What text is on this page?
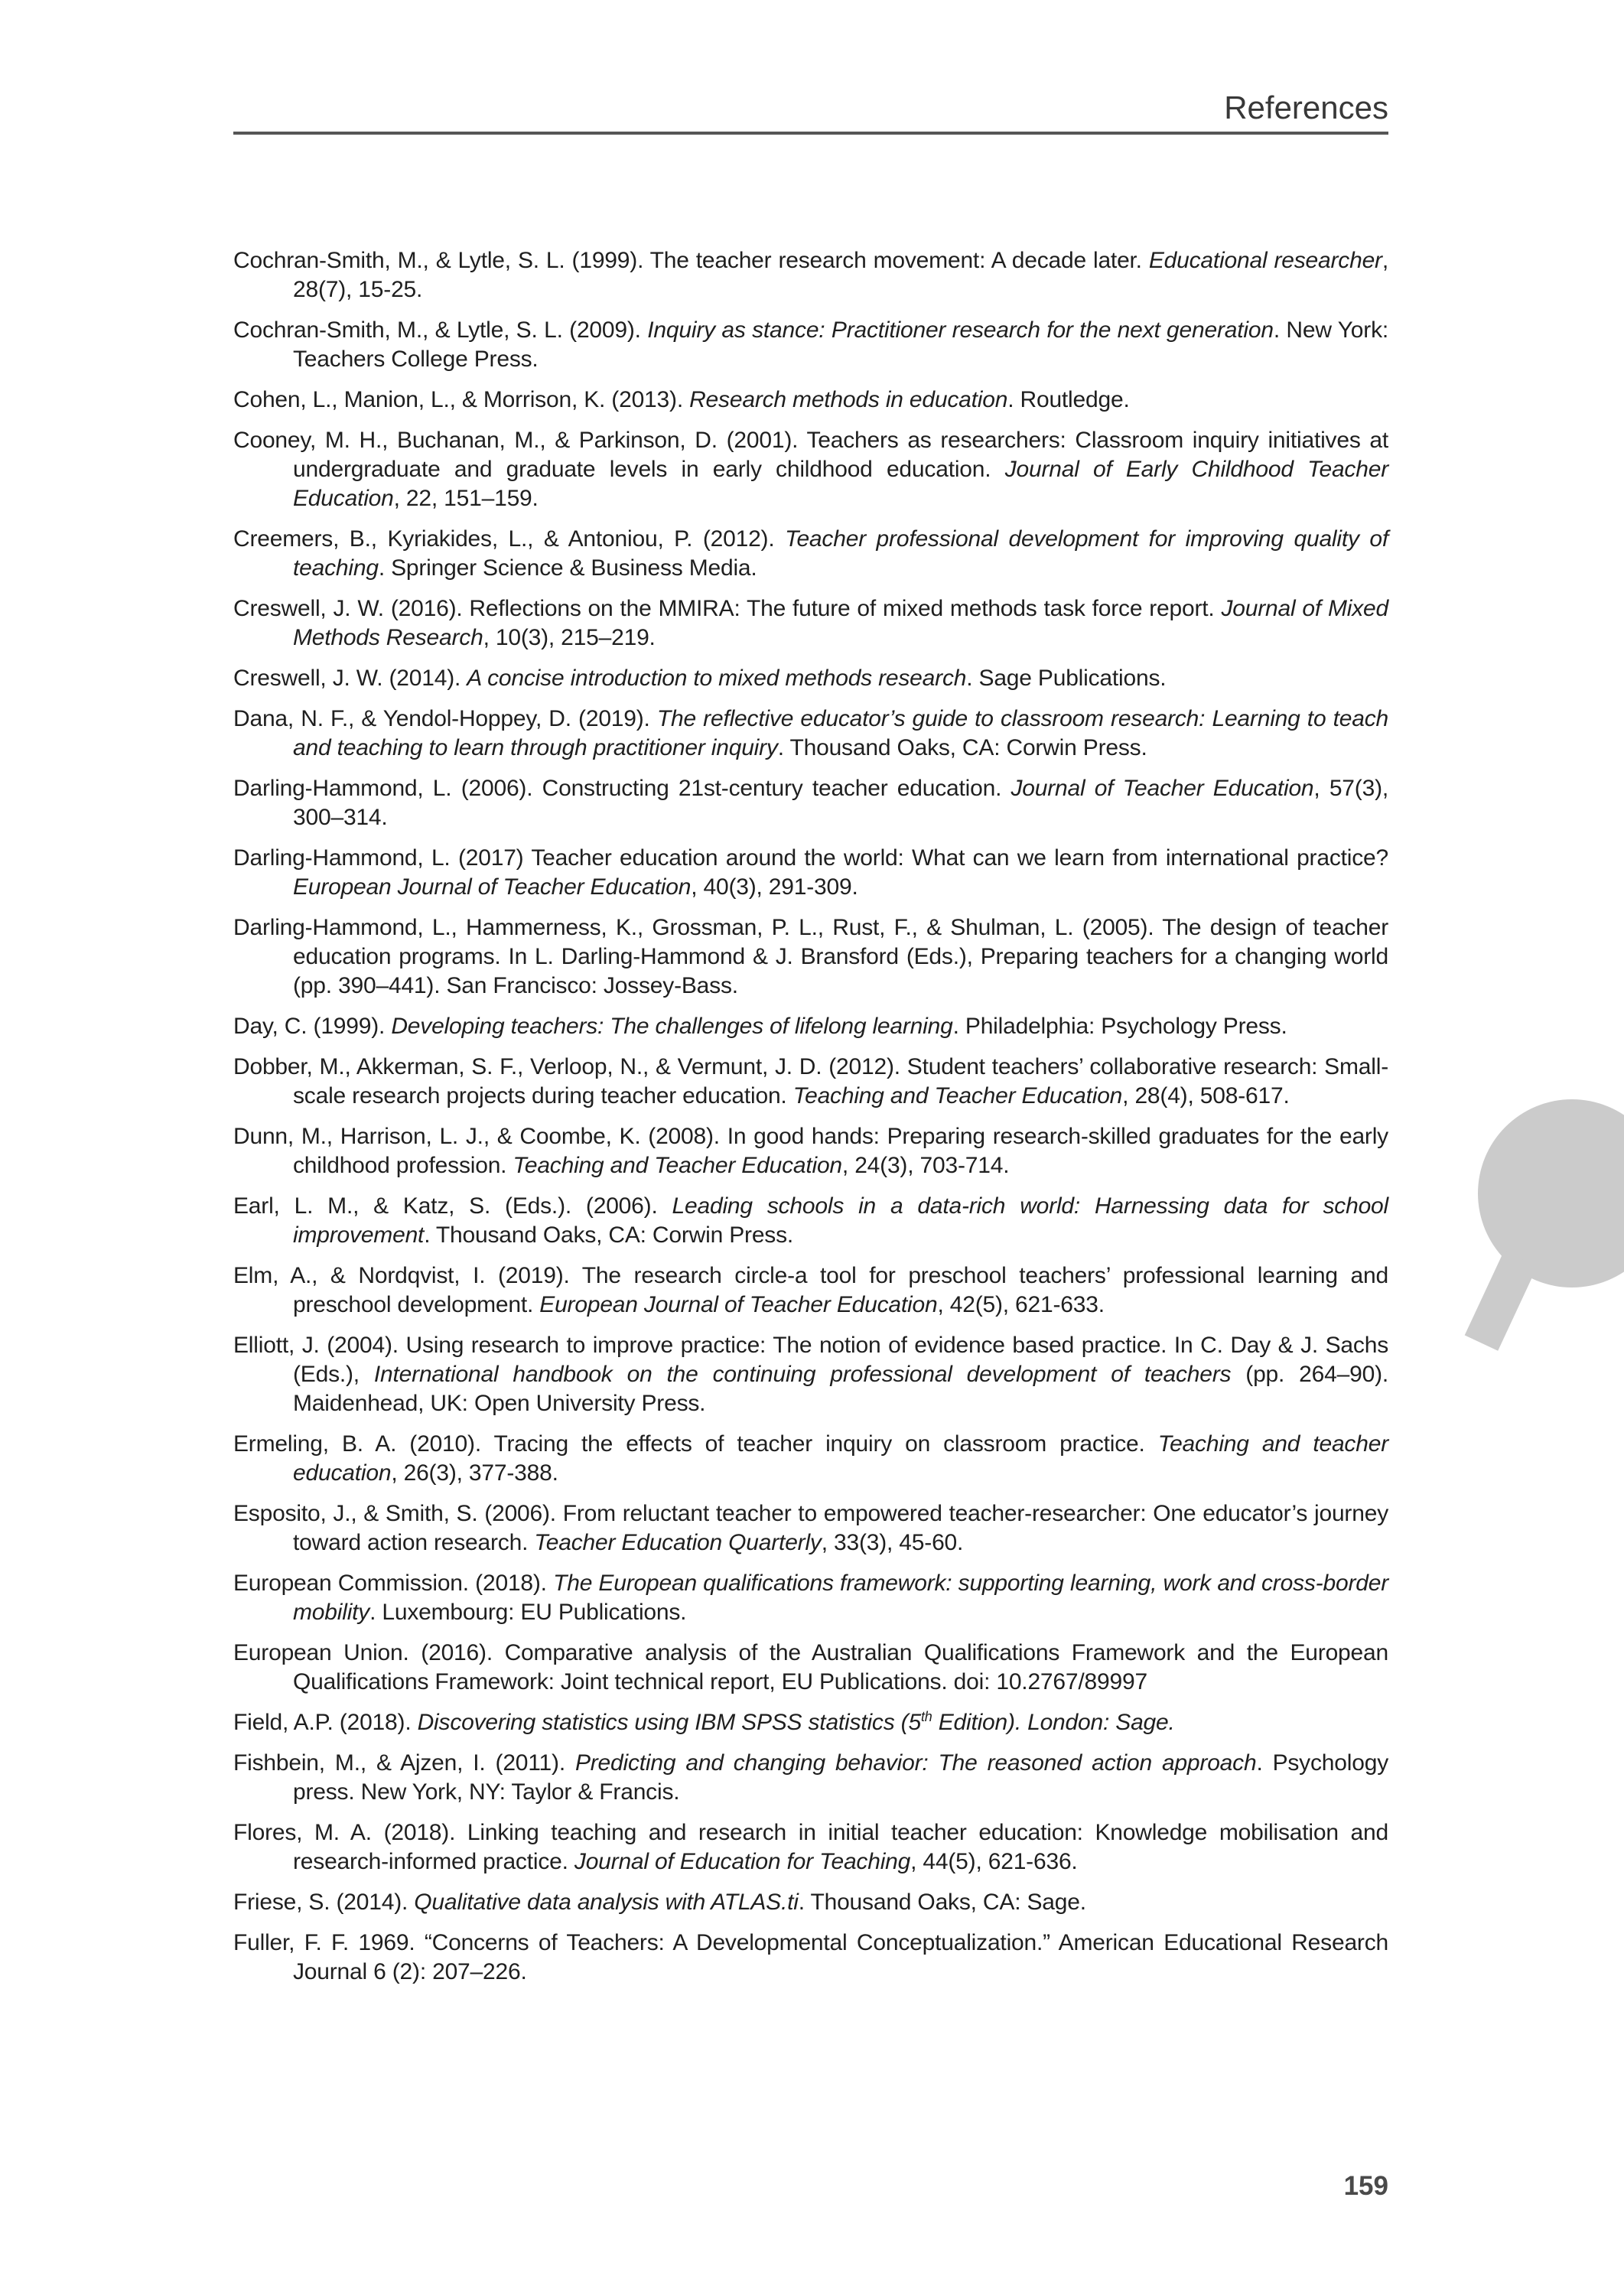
References

Cochran-Smith, M., & Lytle, S. L. (1999). The teacher research movement: A decade later. Educational researcher, 28(7), 15-25.

Cochran-Smith, M., & Lytle, S. L. (2009). Inquiry as stance: Practitioner research for the next generation. New York: Teachers College Press.

Cohen, L., Manion, L., & Morrison, K. (2013). Research methods in education. Routledge.

Cooney, M. H., Buchanan, M., & Parkinson, D. (2001). Teachers as researchers: Classroom inquiry initiatives at undergraduate and graduate levels in early childhood education. Journal of Early Childhood Teacher Education, 22, 151–159.

Creemers, B., Kyriakides, L., & Antoniou, P. (2012). Teacher professional development for improving quality of teaching. Springer Science & Business Media.

Creswell, J. W. (2016). Reflections on the MMIRA: The future of mixed methods task force report. Journal of Mixed Methods Research, 10(3), 215–219.

Creswell, J. W. (2014). A concise introduction to mixed methods research. Sage Publications.

Dana, N. F., & Yendol-Hoppey, D. (2019). The reflective educator’s guide to classroom research: Learning to teach and teaching to learn through practitioner inquiry. Thousand Oaks, CA: Corwin Press.

Darling-Hammond, L. (2006). Constructing 21st-century teacher education. Journal of Teacher Education, 57(3), 300–314.

Darling-Hammond, L. (2017) Teacher education around the world: What can we learn from international practice? European Journal of Teacher Education, 40(3), 291-309.

Darling-Hammond, L., Hammerness, K., Grossman, P. L., Rust, F., & Shulman, L. (2005). The design of teacher education programs. In L. Darling-Hammond & J. Bransford (Eds.), Preparing teachers for a changing world (pp. 390–441). San Francisco: Jossey-Bass.

Day, C. (1999). Developing teachers: The challenges of lifelong learning. Philadelphia: Psychology Press.

Dobber, M., Akkerman, S. F., Verloop, N., & Vermunt, J. D. (2012). Student teachers’ collaborative research: Small-scale research projects during teacher education. Teaching and Teacher Education, 28(4), 508-617.

Dunn, M., Harrison, L. J., & Coombe, K. (2008). In good hands: Preparing research-skilled graduates for the early childhood profession. Teaching and Teacher Education, 24(3), 703-714.

Earl, L. M., & Katz, S. (Eds.). (2006). Leading schools in a data-rich world: Harnessing data for school improvement. Thousand Oaks, CA: Corwin Press.

Elm, A., & Nordqvist, I. (2019). The research circle-a tool for preschool teachers’ professional learning and preschool development. European Journal of Teacher Education, 42(5), 621-633.

Elliott, J. (2004). Using research to improve practice: The notion of evidence based practice. In C. Day & J. Sachs (Eds.), International handbook on the continuing professional development of teachers (pp. 264–90). Maidenhead, UK: Open University Press.

Ermeling, B. A. (2010). Tracing the effects of teacher inquiry on classroom practice. Teaching and teacher education, 26(3), 377-388.

Esposito, J., & Smith, S. (2006). From reluctant teacher to empowered teacher-researcher: One educator’s journey toward action research. Teacher Education Quarterly, 33(3), 45-60.

European Commission. (2018). The European qualifications framework: supporting learning, work and cross-border mobility. Luxembourg: EU Publications.

European Union. (2016). Comparative analysis of the Australian Qualifications Framework and the European Qualifications Framework: Joint technical report, EU Publications. doi: 10.2767/89997

Field, A.P. (2018). Discovering statistics using IBM SPSS statistics (5th Edition). London: Sage.

Fishbein, M., & Ajzen, I. (2011). Predicting and changing behavior: The reasoned action approach. Psychology press. New York, NY: Taylor & Francis.

Flores, M. A. (2018). Linking teaching and research in initial teacher education: Knowledge mobilisation and research-informed practice. Journal of Education for Teaching, 44(5), 621-636.

Friese, S. (2014). Qualitative data analysis with ATLAS.ti. Thousand Oaks, CA: Sage.

Fuller, F. F. 1969. “Concerns of Teachers: A Developmental Conceptualization.” American Educational Research Journal 6 (2): 207–226.

159
